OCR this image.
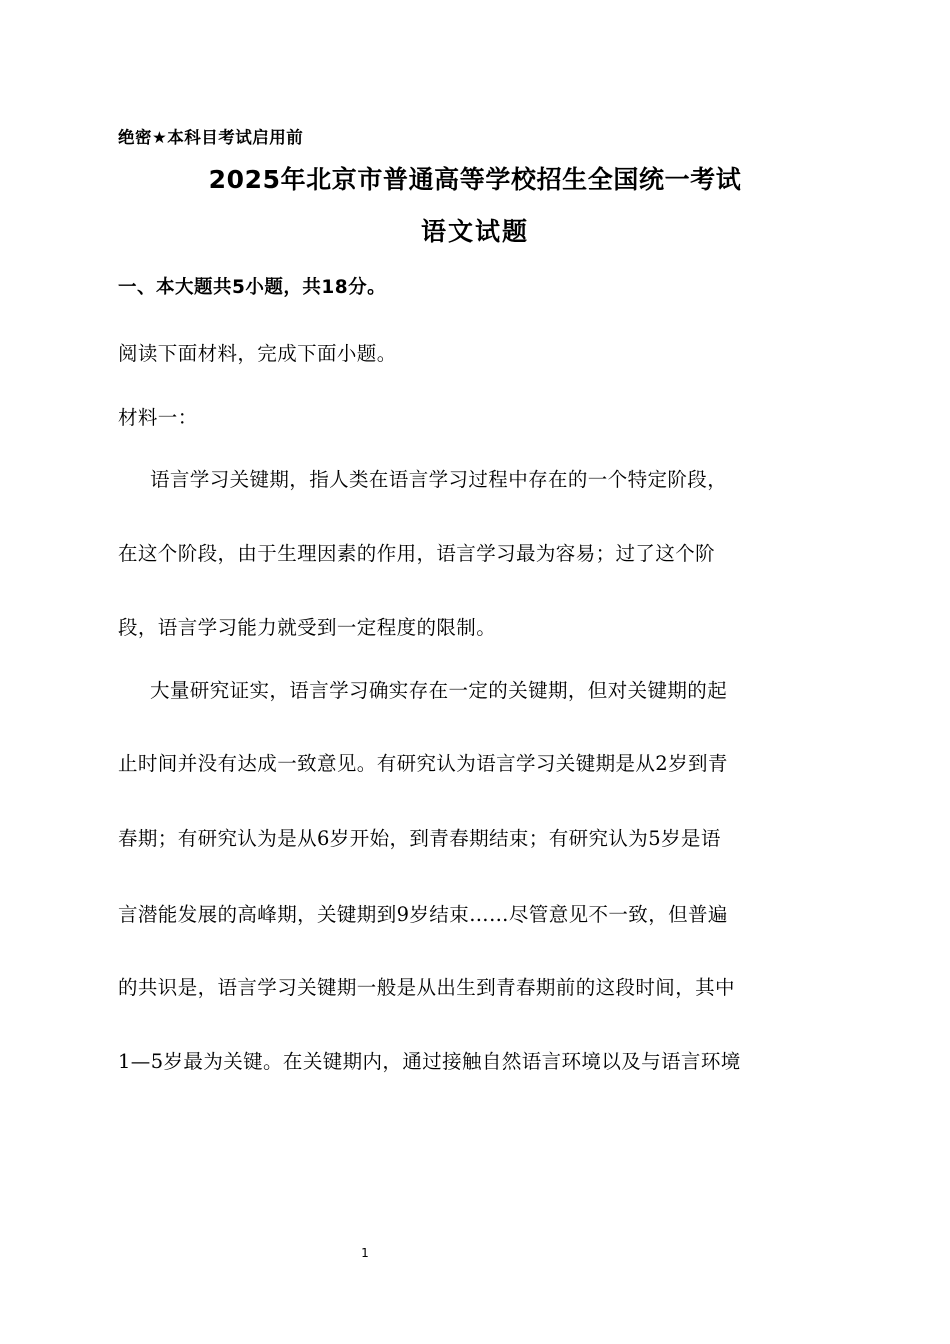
绝密★本科目考试启用前
2025年北京市普通高等学校招生全国统一考试
语文试题
一、本大题共5小题，共18分。
阅读下面材料，完成下面小题。
材料一：
语言学习关键期，指人类在语言学习过程中存在的一个特定阶段，
在这个阶段，由于生理因素的作用，语言学习最为容易；过了这个阶
段，语言学习能力就受到一定程度的限制。
大量研究证实，语言学习确实存在一定的关键期，但对关键期的起
止时间并没有达成一致意见。有研究认为语言学习关键期是从2岁到青
春期；有研究认为是从6岁开始，到青春期结束；有研究认为5岁是语
言潜能发展的高峰期，关键期到9岁结束……尽管意见不一致，但普遍
的共识是，语言学习关键期一般是从出生到青春期前的这段时间，其中
1—5岁最为关键。在关键期内，通过接触自然语言环境以及与语言环境
1
